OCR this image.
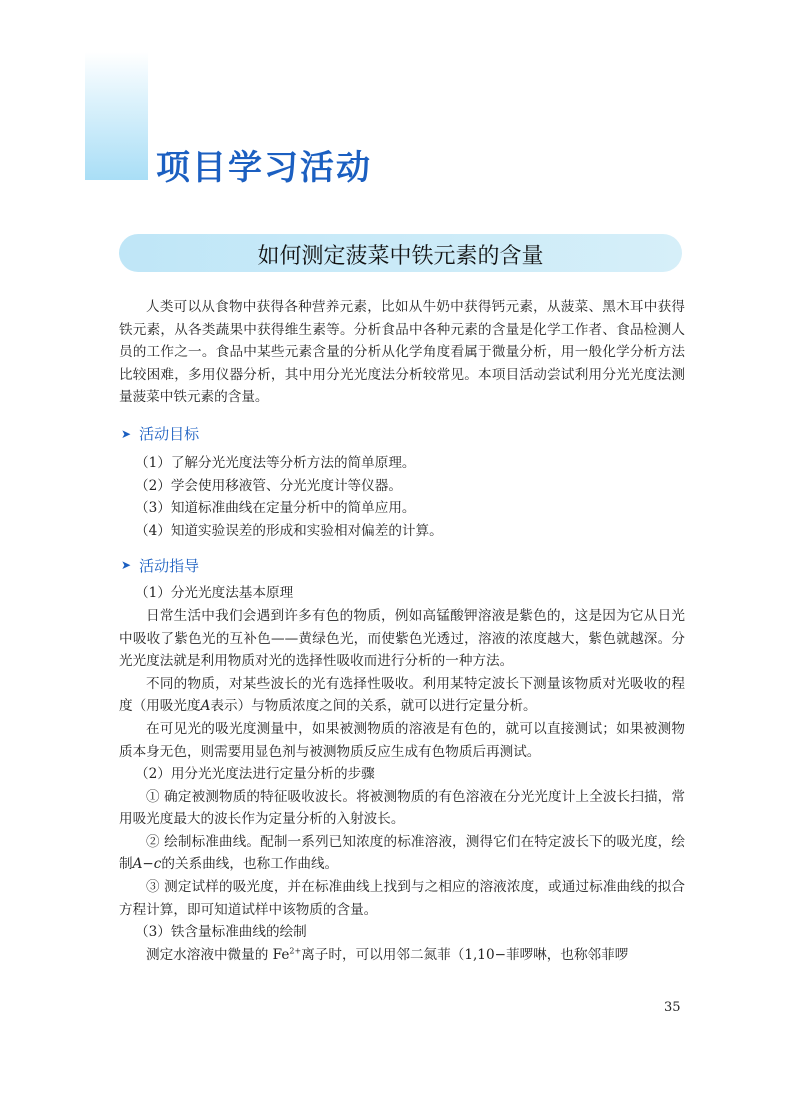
项目学习活动
如何测定菠菜中铁元素的含量

人类可以从食物中获得各种营养元素，比如从牛奶中获得钙元素，从菠菜、黑木耳中获得铁元素，从各类蔬果中获得维生素等。分析食品中各种元素的含量是化学工作者、食品检测人员的工作之一。食品中某些元素含量的分析从化学角度看属于微量分析，用一般化学分析方法比较困难，多用仪器分析，其中用分光光度法分析较常见。本项目活动尝试利用分光光度法测量菠菜中铁元素的含量。

➤ 活动目标

（1）了解分光光度法等分析方法的简单原理。

（2）学会使用移液管、分光光度计等仪器。

（3）知道标准曲线在定量分析中的简单应用。

（4）知道实验误差的形成和实验相对偏差的计算。

➤ 活动指导

（1）分光光度法基本原理

日常生活中我们会遇到许多有色的物质，例如高锰酸钾溶液是紫色的，这是因为它从日光中吸收了紫色光的互补色——黄绿色光，而使紫色光透过，溶液的浓度越大，紫色就越深。分光光度法就是利用物质对光的选择性吸收而进行分析的一种方法。

不同的物质，对某些波长的光有选择性吸收。利用某特定波长下测量该物质对光吸收的程度（用吸光度A表示）与物质浓度之间的关系，就可以进行定量分析。

在可见光的吸光度测量中，如果被测物质的溶液是有色的，就可以直接测试；如果被测物质本身无色，则需要用显色剂与被测物质反应生成有色物质后再测试。

（2）用分光光度法进行定量分析的步骤

① 确定被测物质的特征吸收波长。将被测物质的有色溶液在分光光度计上全波长扫描，常用吸光度最大的波长作为定量分析的入射波长。

② 绘制标准曲线。配制一系列已知浓度的标准溶液，测得它们在特定波长下的吸光度，绘制A−c的关系曲线，也称工作曲线。

③ 测定试样的吸光度，并在标准曲线上找到与之相应的溶液浓度，或通过标准曲线的拟合方程计算，即可知道试样中该物质的含量。

（3）铁含量标准曲线的绘制

测定水溶液中微量的 $Fe^{2+}$离子时，可以用邻二氮菲（1,10−菲啰啉，也称邻菲啰

35
